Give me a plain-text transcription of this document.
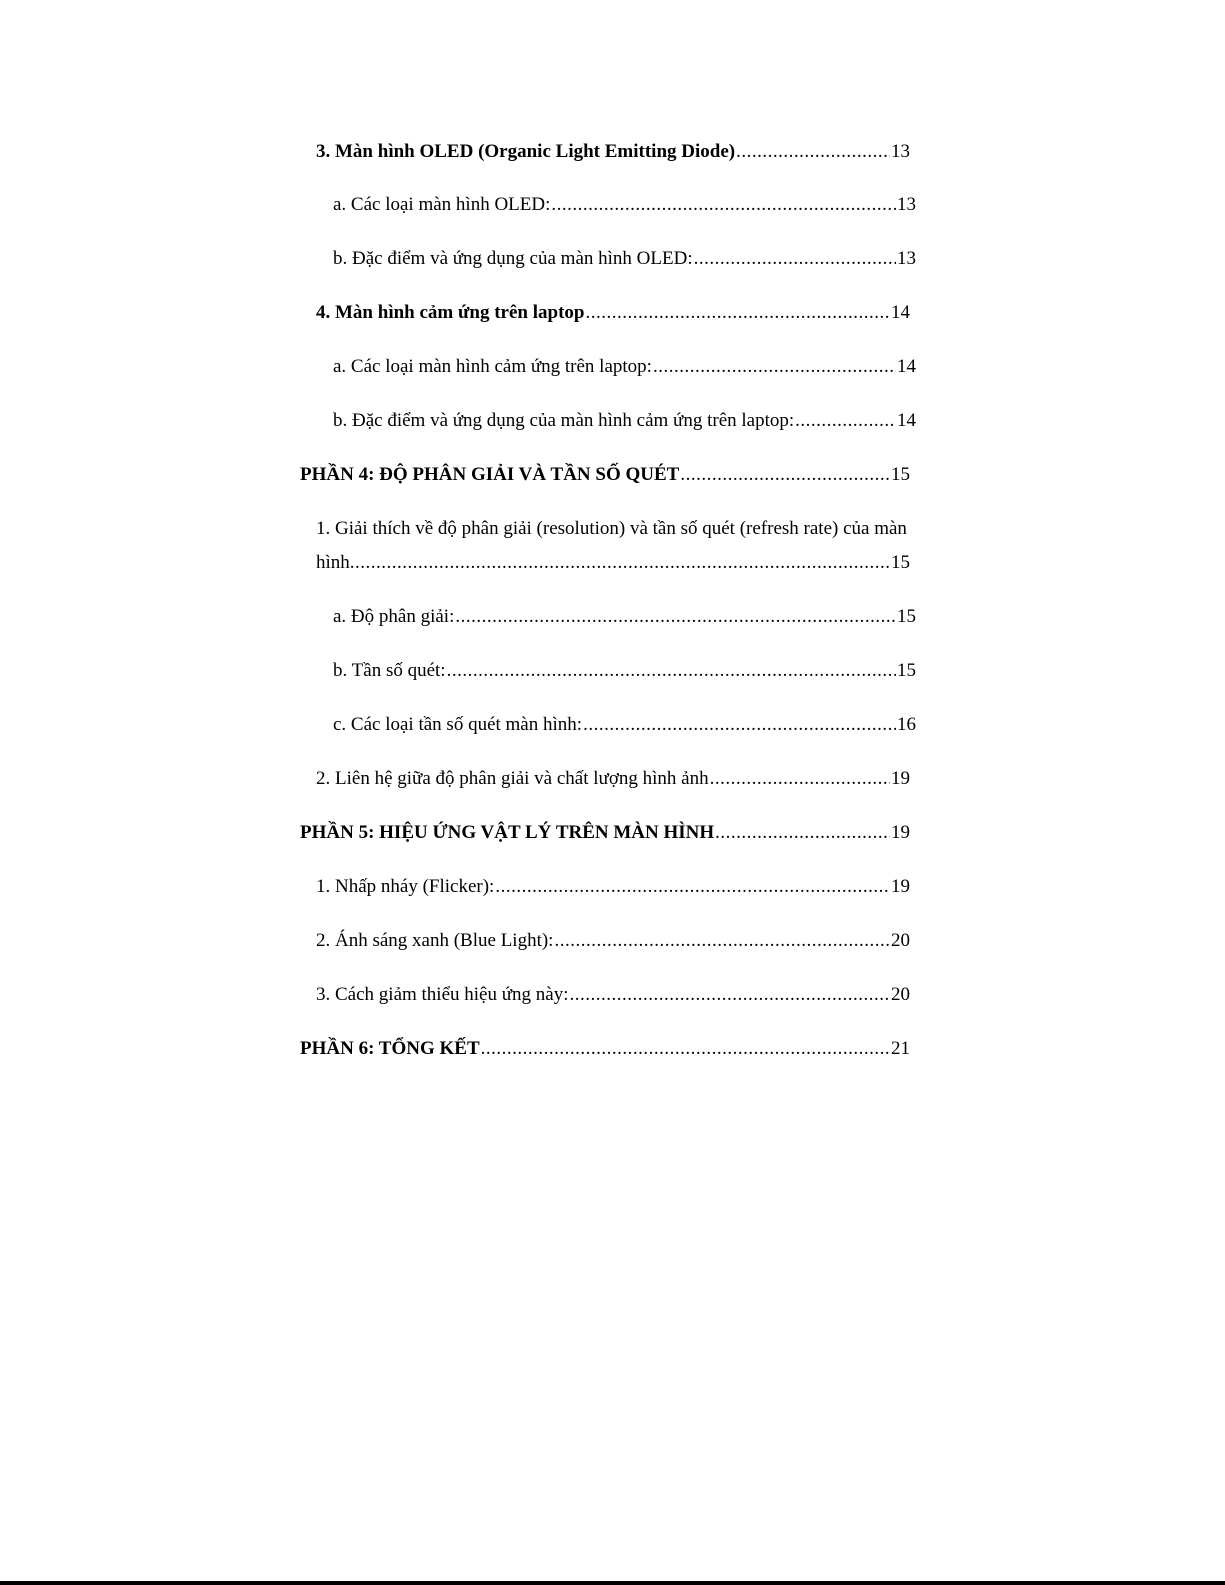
3. Màn hình OLED (Organic Light Emitting Diode) .....	13
a. Các loại màn hình OLED: .....	13
b. Đặc điểm và ứng dụng của màn hình OLED: .....	13
4. Màn hình cảm ứng trên laptop .....	14
a. Các loại màn hình cảm ứng trên laptop: .....	14
b. Đặc điểm và ứng dụng của màn hình cảm ứng trên laptop: .....	14
PHẦN 4: ĐỘ PHÂN GIẢI VÀ TẦN SỐ QUÉT .....	15
1. Giải thích về độ phân giải (resolution) và tần số quét (refresh rate) của màn
hình .....	15
a. Độ phân giải: .....	15
b. Tần số quét: .....	15
c. Các loại tần số quét màn hình: .....	16
2. Liên hệ giữa độ phân giải và chất lượng hình ảnh .....	19
PHẦN 5: HIỆU ỨNG VẬT LÝ TRÊN MÀN HÌNH .....	19
1. Nhấp nháy (Flicker): .....	19
2. Ánh sáng xanh (Blue Light): .....	20
3. Cách giảm thiểu hiệu ứng này: .....	20
PHẦN 6: TỔNG KẾT .....	21
